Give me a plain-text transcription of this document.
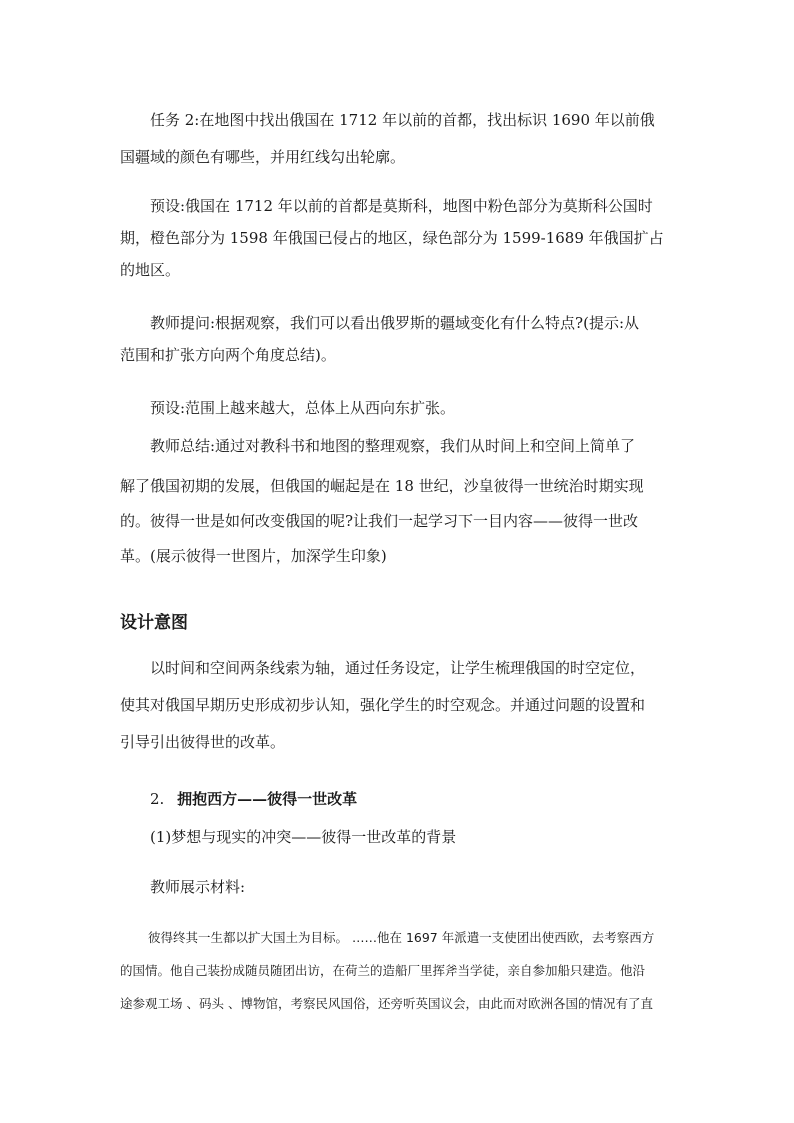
任务 2:在地图中找出俄国在 1712 年以前的首都，找出标识 1690 年以前俄
国疆域的颜色有哪些，并用红线勾出轮廓。
预设:俄国在 1712 年以前的首都是莫斯科，地图中粉色部分为莫斯科公国时
期，橙色部分为 1598 年俄国已侵占的地区，绿色部分为 1599-1689 年俄国扩占
的地区。
教师提问:根据观察，我们可以看出俄罗斯的疆域变化有什么特点?(提示:从
范围和扩张方向两个角度总结)。
预设:范围上越来越大，总体上从西向东扩张。
教师总结:通过对教科书和地图的整理观察，我们从时间上和空间上简单了
解了俄国初期的发展，但俄国的崛起是在 18 世纪，沙皇彼得一世统治时期实现
的。彼得一世是如何改变俄国的呢?让我们一起学习下一目内容——彼得一世改
革。(展示彼得一世图片，加深学生印象)
设计意图
以时间和空间两条线索为轴，通过任务设定，让学生梳理俄国的时空定位，
使其对俄国早期历史形成初步认知，强化学生的时空观念。并通过问题的设置和
引导引出彼得世的改革。
2. 拥抱西方——彼得一世改革
(1)梦想与现实的冲突——彼得一世改革的背景
教师展示材料:
彼得终其一生都以扩大国土为目标。 ……他在 1697 年派遣一支使团出使西欧，去考察西方
的国情。他自己装扮成随员随团出访，在荷兰的造船厂里挥斧当学徒，亲自参加船只建造。他沿
途参观工场 、码头 、博物馆，考察民风国俗，还旁听英国议会，由此而对欧洲各国的情况有了直
